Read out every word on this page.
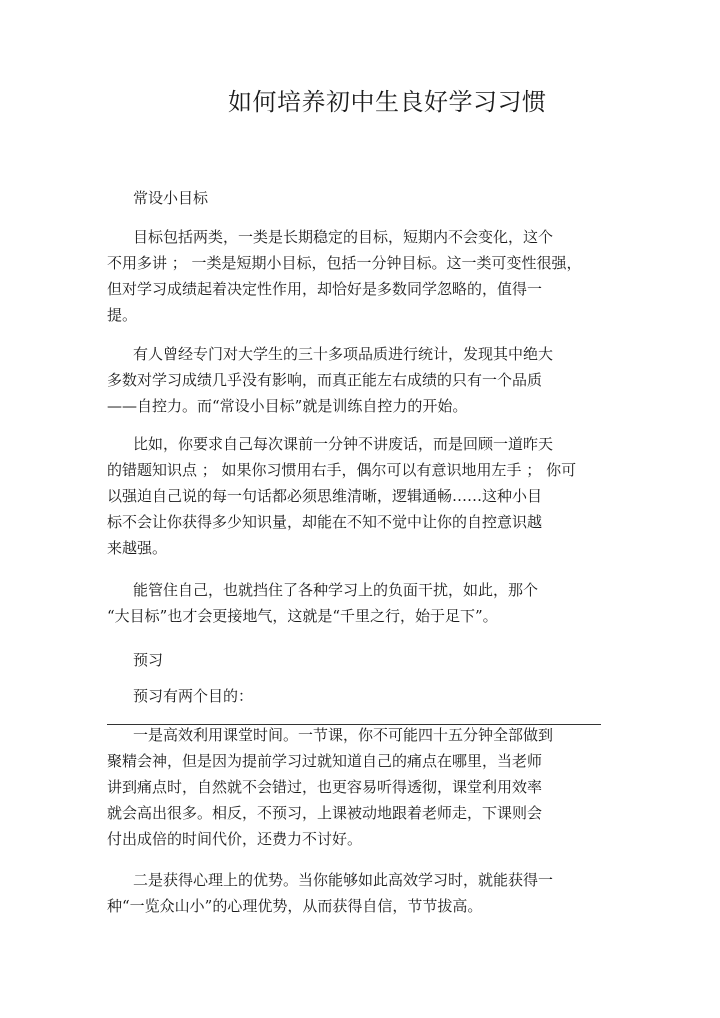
如何培养初中生良好学习习惯
常设小目标
目标包括两类，一类是长期稳定的目标，短期内不会变化，这个
不用多讲 ； 一类是短期小目标，包括一分钟目标。这一类可变性很强，
但对学习成绩起着决定性作用，却恰好是多数同学忽略的，值得一
提。
有人曾经专门对大学生的三十多项品质进行统计，发现其中绝大
多数对学习成绩几乎没有影响，而真正能左右成绩的只有一个品质
——自控力。而“常设小目标”就是训练自控力的开始。
比如，你要求自己每次课前一分钟不讲废话，而是回顾一道昨天
的错题知识点 ； 如果你习惯用右手，偶尔可以有意识地用左手 ； 你可
以强迫自己说的每一句话都必须思维清晰，逻辑通畅……这种小目
标不会让你获得多少知识量，却能在不知不觉中让你的自控意识越
来越强。
能管住自己，也就挡住了各种学习上的负面干扰，如此，那个
“大目标”也才会更接地气，这就是“千里之行，始于足下”。
预习
预习有两个目的：
一是高效利用课堂时间。一节课，你不可能四十五分钟全部做到
聚精会神，但是因为提前学习过就知道自己的痛点在哪里，当老师
讲到痛点时，自然就不会错过，也更容易听得透彻，课堂利用效率
就会高出很多。相反，不预习，上课被动地跟着老师走，下课则会
付出成倍的时间代价，还费力不讨好。
二是获得心理上的优势。当你能够如此高效学习时，就能获得一
种“一览众山小”的心理优势，从而获得自信，节节拔高。
